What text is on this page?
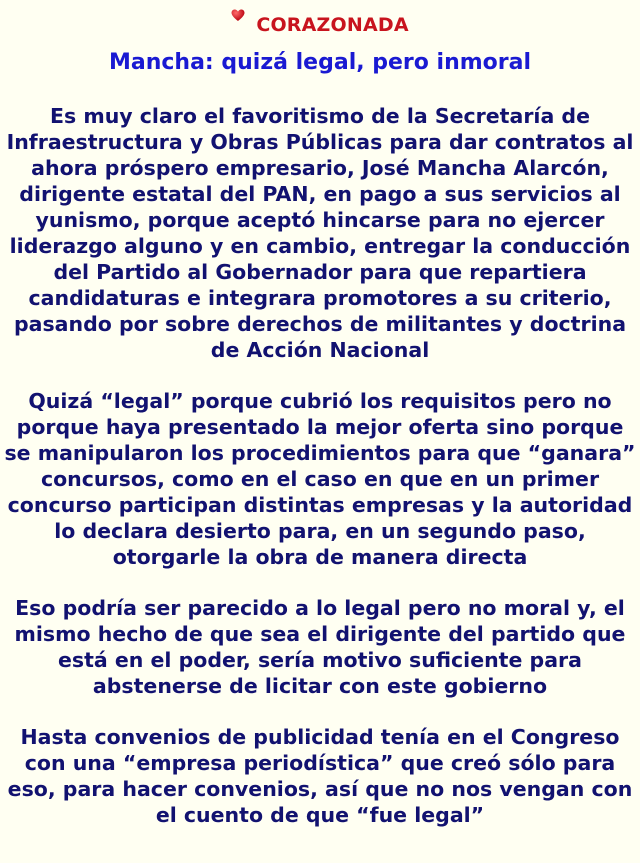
CORAZONADA
Mancha: quizá legal, pero inmoral

Es muy claro el favoritismo de la Secretaría de Infraestructura y Obras Públicas para dar contratos al ahora próspero empresario, José Mancha Alarcón, dirigente estatal del PAN, en pago a sus servicios al yunismo, porque aceptó hincarse para no ejercer liderazgo alguno y en cambio, entregar la conducción del Partido al Gobernador para que repartiera candidaturas e integrara promotores a su criterio, pasando por sobre derechos de militantes y doctrina de Acción Nacional

Quizá “legal” porque cubrió los requisitos pero no porque haya presentado la mejor oferta sino porque se manipularon los procedimientos para que “ganara” concursos, como en el caso en que en un primer concurso participan distintas empresas y la autoridad lo declara desierto para, en un segundo paso, otorgarle la obra de manera directa

Eso podría ser parecido a lo legal pero no moral y, el mismo hecho de que sea el dirigente del partido que está en el poder, sería motivo suficiente para abstenerse de licitar con este gobierno

Hasta convenios de publicidad tenía en el Congreso con una “empresa periodística” que creó sólo para eso, para hacer convenios, así que no nos vengan con el cuento de que “fue legal”
